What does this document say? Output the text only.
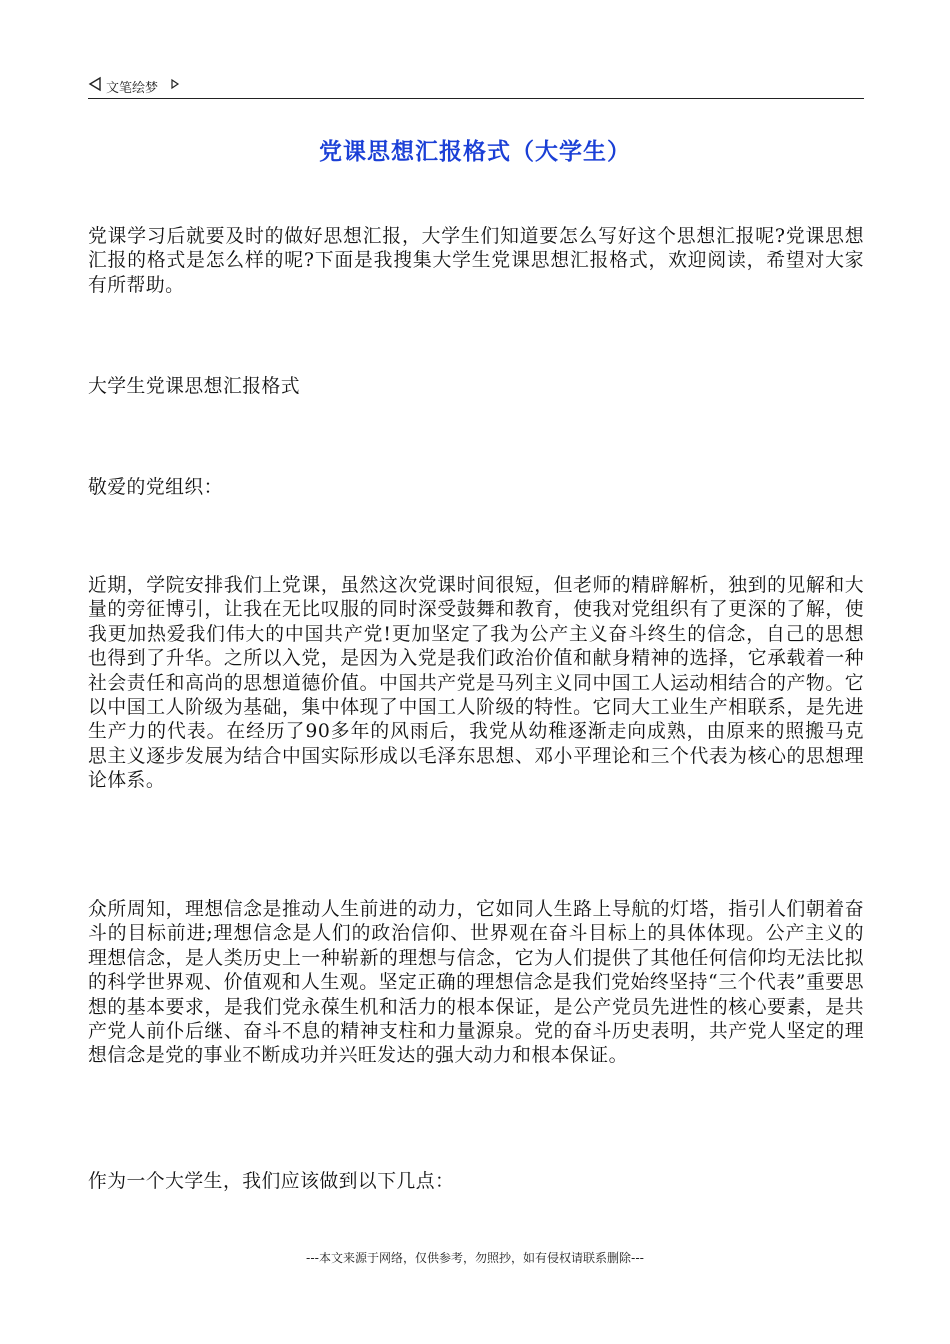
文笔绘梦
党课思想汇报格式（大学生）

党课学习后就要及时的做好思想汇报，大学生们知道要怎么写好这个思想汇报呢?党课思想汇报的格式是怎么样的呢?下面是我搜集大学生党课思想汇报格式，欢迎阅读，希望对大家有所帮助。

大学生党课思想汇报格式

敬爱的党组织：

近期，学院安排我们上党课，虽然这次党课时间很短，但老师的精辟解析，独到的见解和大量的旁征博引，让我在无比叹服的同时深受鼓舞和教育，使我对党组织有了更深的了解，使我更加热爱我们伟大的中国共产党!更加坚定了我为公产主义奋斗终生的信念，自己的思想也得到了升华。之所以入党，是因为入党是我们政治价值和献身精神的选择，它承载着一种社会责任和高尚的思想道德价值。中国共产党是马列主义同中国工人运动相结合的产物。它以中国工人阶级为基础，集中体现了中国工人阶级的特性。它同大工业生产相联系，是先进生产力的代表。在经历了90多年的风雨后，我党从幼稚逐渐走向成熟，由原来的照搬马克思主义逐步发展为结合中国实际形成以毛泽东思想、邓小平理论和三个代表为核心的思想理论体系。

众所周知，理想信念是推动人生前进的动力，它如同人生路上导航的灯塔，指引人们朝着奋斗的目标前进;理想信念是人们的政治信仰、世界观在奋斗目标上的具体体现。公产主义的理想信念，是人类历史上一种崭新的理想与信念，它为人们提供了其他任何信仰均无法比拟的科学世界观、价值观和人生观。坚定正确的理想信念是我们党始终坚持“三个代表”重要思想的基本要求，是我们党永葆生机和活力的根本保证，是公产党员先进性的核心要素，是共产党人前仆后继、奋斗不息的精神支柱和力量源泉。党的奋斗历史表明，共产党人坚定的理想信念是党的事业不断成功并兴旺发达的强大动力和根本保证。

作为一个大学生，我们应该做到以下几点：

---本文来源于网络，仅供参考，勿照抄，如有侵权请联系删除---
